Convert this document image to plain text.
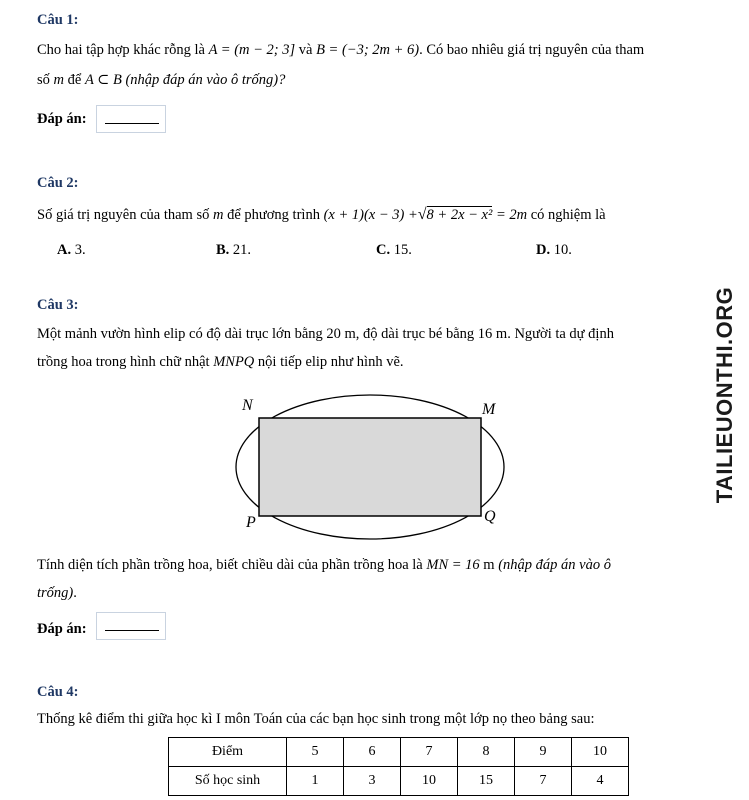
TAILIEUONTHI.ORG
Câu 1:
Cho hai tập hợp khác rỗng là A = (m − 2; 3] và B = (−3; 2m + 6). Có bao nhiêu giá trị nguyên của tham
số m để A ⊂ B (nhập đáp án vào ô trống)?
Đáp án:
Câu 2:
Số giá trị nguyên của tham số m để phương trình (x + 1)(x − 3) +√8 + 2x − x² = 2m có nghiệm là
A. 3.	B. 21.	C. 15.	D. 10.
Câu 3:
Một mảnh vườn hình elip có độ dài trục lớn bằng 20 m, độ dài trục bé bằng 16 m. Người ta dự định
trồng hoa trong hình chữ nhật MNPQ nội tiếp elip như hình vẽ.
N	M
P	Q
Tính diện tích phần trồng hoa, biết chiều dài của phần trồng hoa là MN = 16 m (nhập đáp án vào ô
trống).
Đáp án:
Câu 4:
Thống kê điểm thi giữa học kì I môn Toán của các bạn học sinh trong một lớp nọ theo bảng sau:
Điểm	5	6	7	8	9	10
Số học sinh	1	3	10	15	7	4
